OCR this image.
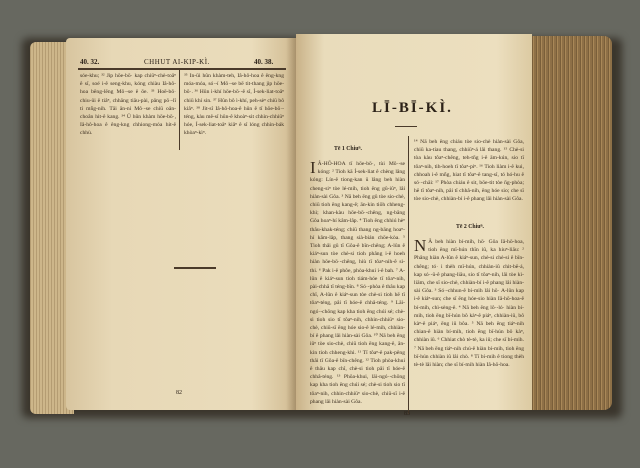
40. 32.	CHHUT AI-KIP-KÌ.	40. 38.
sóe-khu; ³² Jip hōe-bō· kap chiūⁿ-chè-toâⁿ ê sî, soé i-ê seng-khu, kóng chiàu Iâ-hô-hoa bēng-lēng Mô·-se ê ōe. ³³ Hoē-bō· chiu-ûi ê tiâⁿ, chhāng tiāu-pài, pâng pō·-lî ti mn̂g-nih. Tāi ān-ni Mô·-se chiū oân-choân hit-ê kang. ³⁴ Ū hûn khàm hōe-bō·, Iâ-hô-hoa ê êng-kng chhiong-móa hit-ê chhù.
³⁵ In-ūi hûn khàm-teh, Iâ-hô-hoa ê êng-kng móa-móa, só·-í Mô·-se bē tit-thang jip hōe-bō·. ³⁶ Hûn ì-khí hōe-bō·-ê sî, Í-sek-liat-toāⁿ chiū khí sin. ³⁷ Hûn bô ì-khí, peh-sèⁿ chiū bô kiâⁿ. ³⁸ Jit-sî Iâ-hô-hoa-ê hûn ê tī hōe-bō·-téng, kàu mê-sî hûn-ê khoàⁿ-sit chhìn-chhiūⁿ hóe, Í-sek-liat-toāⁿ kiâⁿ ê sî lóng chhìn-bák khòaⁿ-kìⁿ.
82
LĪ-BĪ-KÌ.
Tē 1 Chiuⁿ.
I Â-HŌ-HOA tī hōe-bō·, tùi Mô·-se kóng: ² Tioh kā Í-sek-liat ê chèng lâng kóng: Lín-ê tiong-kan ū lâng beh hiàn cheng-siⁿ tòe lé-mih, tioh ēng gû-iûⁿ, lâi hiàn-sài Gôa. ³ Nā beh ēng gû tòe sio-chè, chiū tioh ēng kang-ê; ān-kin tiōh chheng-khì; khan-kàu hōe-bō·-chêng, ng-bāng Gôa hoaⁿ-hí kâm-lâp. ⁴ Tioh ēng chhiú hèⁿ thâu-khak-téng; chiū thang ng-bāng hoaⁿ-hí kâm-lâp, thang sià-bián chōe-kòa. ⁵ Tioh thâi gû tī Gôa-ê bīn-chêng; A-lûn ê kiáⁿ-sun tòe chè-si tioh phâng i-ê hoeh hiàn hōe-bō·-chêng, hiù tī tôaⁿ-nih-ê sì-thi. ⁶ Pak i-ê phôe, phòa-khui i-ê bah. ⁷ A-lûn ê kiáⁿ-sun tioh tiám-hóe tī tôaⁿ-nih, pài-chhā tī téng-bīn. ⁸ Só·-phòa ê thâu kap chî, A-lûn ê kiáⁿ-sun tòe chè-si tioh hē tī tôaⁿ-téng, pâi tī hóe-ê chhâ-téng. ⁹ Lāi-ngó·-chōng kap kha tioh ēng chúi sé; chè-si tioh sio tī tôaⁿ-nih, chhin-chhiūⁿ sio-chè, chiū-sī ēng hóe sio-ê lé-mih, chhiàn-bí ê phang lâi hiàn-sài Gôa. ¹⁰ Nā beh ēng iûⁿ tòe sio-chè, chiū tioh ēng kang-ê, ān-kin tioh chheng-khì. ¹¹ Tī tôaⁿ-ê pak-pêng thâi tī Gôa-ê bīn-chêng. ¹² Tioh phòa-khui ê thâu kap chî, chè-si tioh pâi tī hóe-ê chhâ-téng. ¹³ Phōa-khui, lāi-ngó·-chōng kap kha tioh ēng chúi sé; chè-si tioh sio tī tôaⁿ-nih, chhin-chhiūⁿ sio-chè, chiū-sī i-ê phang lâi hiàn-sài Gôa.
¹⁴ Nā beh ēng chiáu tòe sio-chè hiàn-sài Gôa, chiū ka-tiau thang, chhiūⁿ-á lâi thang. ¹⁵ Chè-si tòa kàu tôaⁿ-chêng, teh-tn̄g i-ê ām-kún, sio tī tôaⁿ-nih, tih-hoeh tī tôaⁿ-piⁿ. ¹⁶ Tioh liàm i-ê kui, chhoah i-ê mn̂g, hiat tī tôaⁿ-ê tang-sî, tó hó-hu ê só·-chāi: ¹⁷ Phòa chiáu ê sit, bōe-tit tòe n̄g-phòa; hē tī tôaⁿ-nih, pâi tī chhâ-nih, ēng hóe sio; che sī tòe sio-chè, chhiàn-bí i-ê phang lâi hiàn-sài Gôa.
Tē 2 Chiuⁿ.
N Â beh hiàn bí-mih, hō· Gôa Iâ-hō-hoa, tioh ēng mī-hún thīn iû, ka hiuⁿ-liāu: ² Phâng hiàn A-lûn ê kiáⁿ-sun, chè-si chè-si ê bīn-chêng; tó· i thèh mī-hún, chhiàn-iû chit-bē-á, kap só·-ū-ê phang-liāu, sio tī tôaⁿ-nih, lâi tòe kì-liām, che sī sio-chè, chhiàn-bí i-ê phang lâi hiàn-sài Gôa. ³ Só·-chhun-ê bí-mih lâi hō· A-lûn kap i-ê kiáⁿ-sun; che sī ēng hóe-sio hiàn Iâ-hō-hoa-ê bí-mih, chì-sèng-ê. ⁴ Nā beh ēng lô·-ló· hiàn bí-mih, tioh ēng bī-hún bô kàⁿ-ê piáⁿ, chhiàn-iû, bô kàⁿ-ê piáⁿ, ēng iû bôa. ⁵ Nā beh ēng tiáⁿ-nih chian-ê hiàn bí-mih, tioh ēng bī-hún bô kàⁿ, chhiàn iû. ⁶ Chhiat chò tè-tè, ka iû; che sī bí-mih. ⁷ Nā beh ēng tiáⁿ-nih chú-ê hiàn bí-mih, tioh ēng bī-hún chhiàn iû lâi chò. ⁸ Tī bí-mih ê tiong thèh tè-tè lâi hiàn; che sī bí-mih hiàn Iâ-hō-hoa.
83
